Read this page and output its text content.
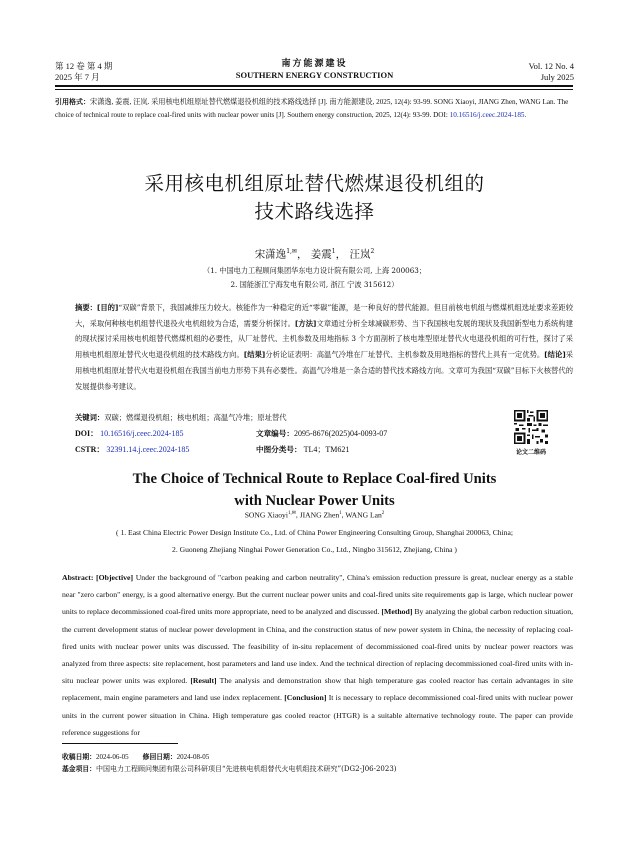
第 12 卷 第 4 期
2025 年 7 月
南方能源建设
SOUTHERN ENERGY CONSTRUCTION
Vol. 12 No. 4
July 2025
引用格式：宋潇逸, 姜震, 汪岚. 采用核电机组原址替代燃煤退役机组的技术路线选择 [J]. 南方能源建设, 2025, 12(4): 93-99. SONG Xiaoyi, JIANG Zhen, WANG Lan. The choice of technical route to replace coal-fired units with nuclear power units [J]. Southern energy construction, 2025, 12(4): 93-99. DOI: 10.16516/j.ceec.2024-185.
采用核电机组原址替代燃煤退役机组的
技术路线选择
宋潇逸$^{1,✉}$， 姜震$^1$， 汪岚$^2$
（1. 中国电力工程顾问集团华东电力设计院有限公司, 上海 200063；
2. 国能浙江宁海发电有限公司, 浙江 宁波 315612）
摘要：[目的]“双碳”背景下，我国减排压力较大。核能作为一种稳定的近“零碳”能源，是一种良好的替代能源。但目前核电机组与燃煤机组选址要求差距较大，采取何种核电机组替代退役火电机组较为合适，需要分析探讨。[方法]文章通过分析全球减碳形势、当下我国核电发展的现状及我国新型电力系统构建的现状探讨采用核电机组替代燃煤机组的必要性，从厂址替代、主机参数及用地指标 3 个方面剖析了核电堆型原址替代火电退役机组的可行性，探讨了采用核电机组原址替代火电退役机组的技术路线方向。[结果]分析论证表明：高温气冷堆在厂址替代、主机参数及用地指标的替代上具有一定优势。[结论]采用核电机组原址替代火电退役机组在我国当前电力形势下具有必要性。高温气冷堆是一条合适的替代技术路线方向。文章可为我国“双碳”目标下火核替代的发展提供参考建议。
关键词：双碳；燃煤退役机组；核电机组；高温气冷堆；原址替代
DOI： 10.16516/j.ceec.2024-185
CSTR： 32391.14.j.ceec.2024-185
文章编号：2095-8676(2025)04-0093-07
中图分类号： TL4；TM621	论文二维码
The Choice of Technical Route to Replace Coal-fired Units
with Nuclear Power Units
SONG Xiaoyi$^{1,✉}$, JIANG Zhen$^1$, WANG Lan$^2$
( 1. East China Electric Power Design Institute Co., Ltd. of China Power Engineering Consulting Group, Shanghai 200063, China;
2. Guoneng Zhejiang Ninghai Power Generation Co., Ltd., Ningbo 315612, Zhejiang, China )
Abstract: [Objective] Under the background of "carbon peaking and carbon neutrality", China's emission reduction pressure is great, nuclear energy as a stable near "zero carbon" energy, is a good alternative energy. But the current nuclear power units and coal-fired units site requirements gap is large, which nuclear power units to replace decommissioned coal-fired units more appropriate, need to be analyzed and discussed. [Method] By analyzing the global carbon reduction situation, the current development status of nuclear power development in China, and the construction status of new power system in China, the necessity of replacing coal-fired units with nuclear power units was discussed. The feasibility of in-situ replacement of decommissioned coal-fired units by nuclear power reactors was analyzed from three aspects: site replacement, host parameters and land use index. And the technical direction of replacing decommissioned coal-fired units with in-situ nuclear power units was explored. [Result] The analysis and demonstration show that high temperature gas cooled reactor has certain advantages in site replacement, main engine parameters and land use index replacement. [Conclusion] It is necessary to replace decommissioned coal-fired units with nuclear power units in the current power situation in China. High temperature gas cooled reactor (HTGR) is a suitable alternative technology route. The paper can provide reference suggestions for
收稿日期：2024-06-05 修回日期：2024-08-05
基金项目：中国电力工程顾问集团有限公司科研项目“先进核电机组替代火电机组技术研究”(DG2-J06-2023)
